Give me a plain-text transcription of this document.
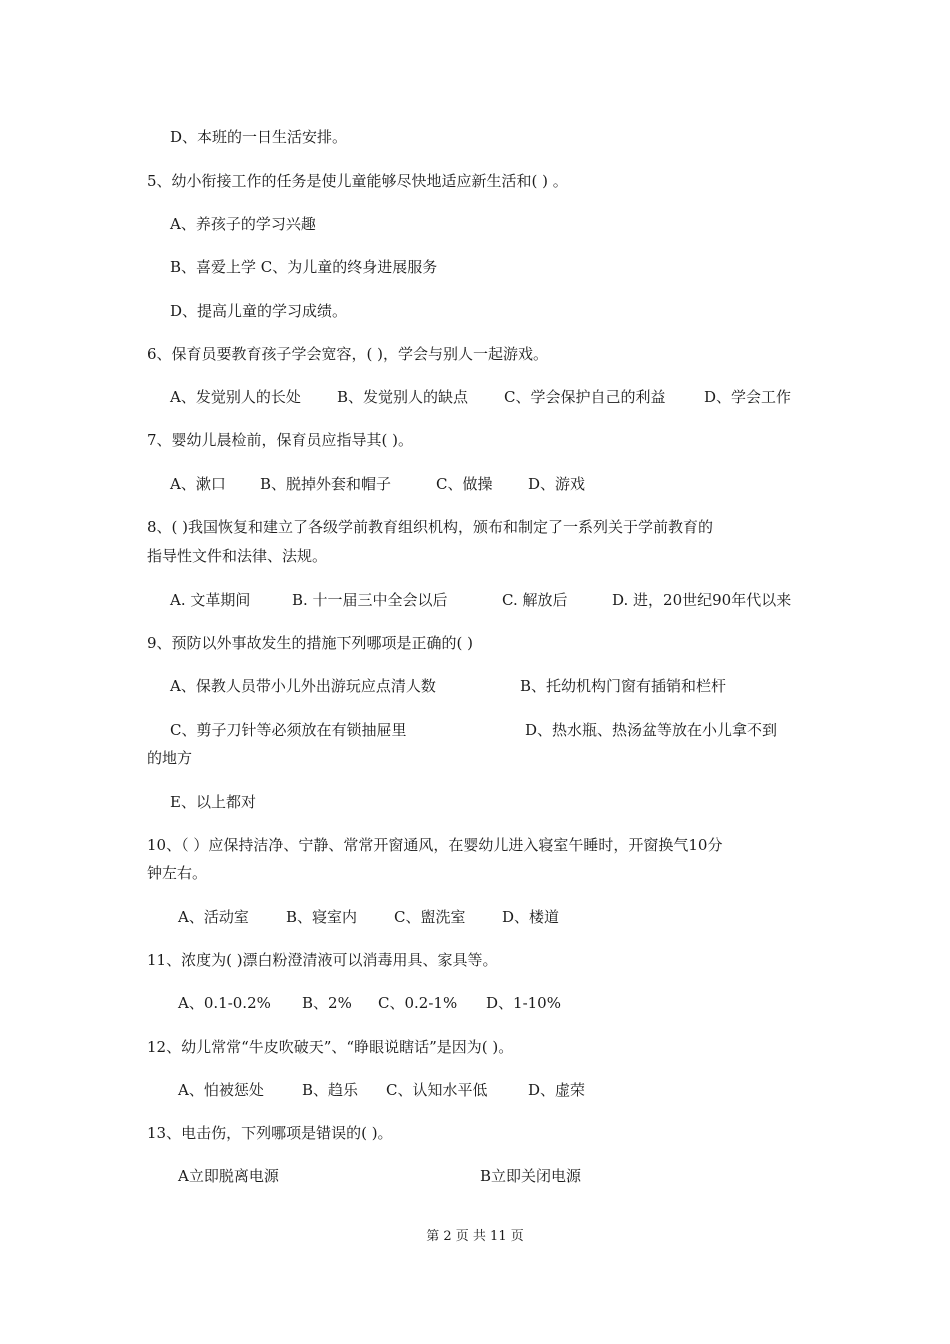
D、本班的一日生活安排。
5、幼小衔接工作的任务是使儿童能够尽快地适应新生活和( ) 。
A、养孩子的学习兴趣
B、喜爱上学 C、为儿童的终身进展服务
D、提高儿童的学习成绩。
6、保育员要教育孩子学会宽容，( )，学会与别人一起游戏。
A、发觉别人的长处 B、发觉别人的缺点 C、学会保护自己的利益	D、学会工作
7、婴幼儿晨检前，保育员应指导其( )。
A、漱口 B、脱掉外套和帽子	C、做操 D、游戏
8、( )我国恢复和建立了各级学前教育组织机构，颁布和制定了一系列关于学前教育的
指导性文件和法律、法规。
A. 文革期间	B. 十一届三中全会以后	C. 解放后	D. 进，20世纪90年代以来
9、预防以外事故发生的措施下列哪项是正确的( )
A、保教人员带小儿外出游玩应点清人数	B、托幼机构门窗有插销和栏杆
C、剪子刀针等必须放在有锁抽屉里	D、热水瓶、热汤盆等放在小儿拿不到
的地方
E、以上都对
10、（ ）应保持洁净、宁静、常常开窗通风，在婴幼儿进入寝室午睡时，开窗换气10分
钟左右。
A、活动室 B、寝室内 C、盥洗室 D、楼道
11、浓度为( )漂白粉澄清液可以消毒用具、家具等。
A、0.1-0.2% B、2% C、0.2-1% D、1-10%
12、幼儿常常“牛皮吹破天”、“睁眼说瞎话”是因为( )。
A、怕被惩处	B、趋乐 C、认知水平低	D、虚荣
13、电击伤，下列哪项是错误的( )。
A立即脱离电源	B立即关闭电源
第 2 页 共 11 页
